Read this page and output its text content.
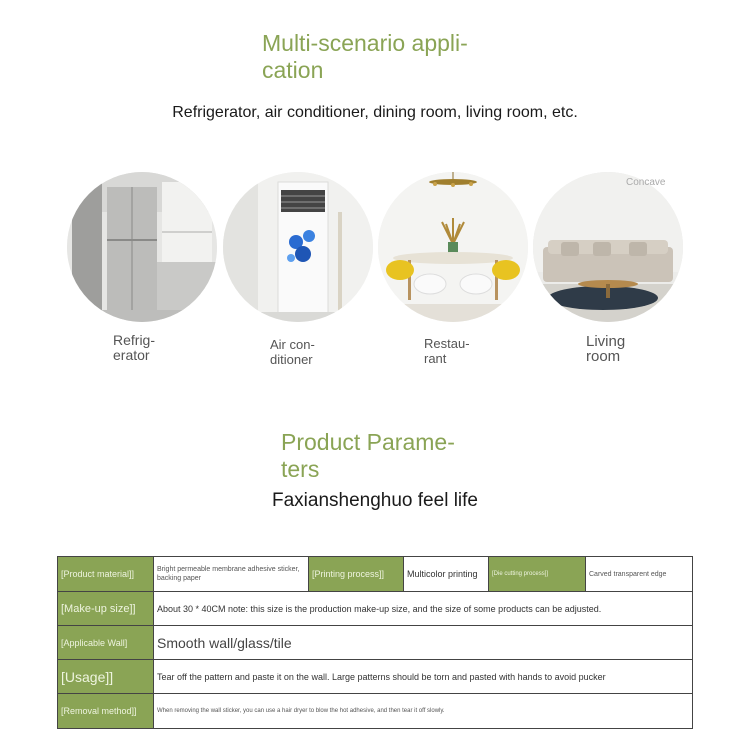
Multi-scenario appli-
cation
Refrigerator, air conditioner, dining room, living room, etc.
Concave
Refrig-
erator
Air con-
ditioner
Restau-
rant
Living
room
Product Parame-
ters
Faxianshenghuo feel life
[Product material]]	Bright permeable membrane adhesive sticker, backing paper	[Printing process]]	Multicolor printing	[Die cutting process]]	Carved transparent edge
[Make-up size]]	About 30 * 40CM note: this size is the production make-up size, and the size of some products can be adjusted.				
[Applicable Wall]	Smooth wall/glass/tile				
[Usage]]	Tear off the pattern and paste it on the wall. Large patterns should be torn and pasted with hands to avoid pucker				
[Removal method]]	When removing the wall sticker, you can use a hair dryer to blow the hot adhesive, and then tear it off slowly.				
